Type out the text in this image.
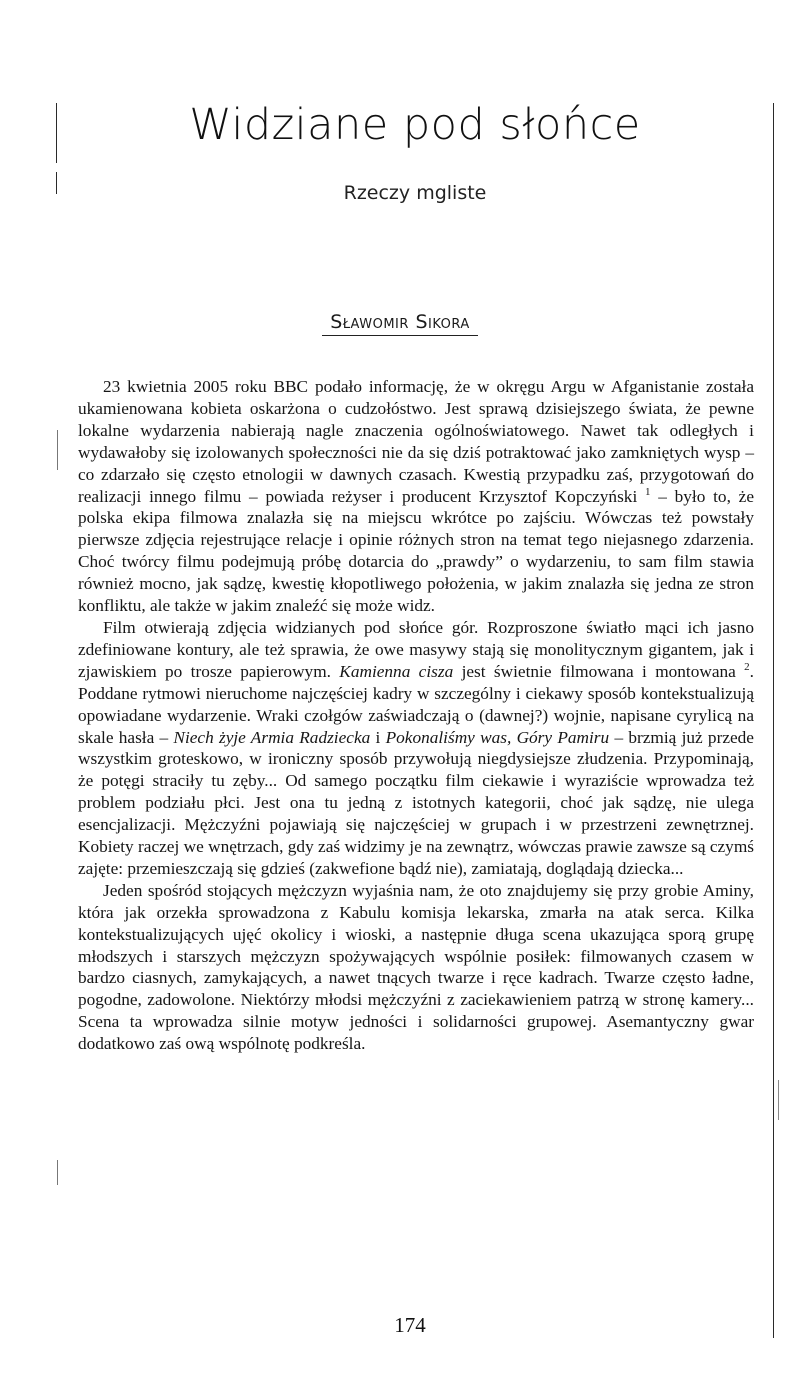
Widziane pod słońce
Rzeczy mgliste
Sławomir Sikora

23 kwietnia 2005 roku BBC podało informację, że w okręgu Argu w Afganistanie została ukamienowana kobieta oskarżona o cudzołóstwo. Jest sprawą dzisiejszego świata, że pewne lokalne wydarzenia nabierają nagle znaczenia ogólnoświatowego. Nawet tak odległych i wydawałoby się izolowanych społeczności nie da się dziś potraktować jako zamkniętych wysp – co zdarzało się często etnologii w dawnych czasach. Kwestią przypadku zaś, przygotowań do realizacji innego filmu – powiada reżyser i producent Krzysztof Kopczyński $^1$ – było to, że polska ekipa filmowa znalazła się na miejscu wkrótce po zajściu. Wówczas też powstały pierwsze zdjęcia rejestrujące relacje i opinie różnych stron na temat tego niejasnego zdarzenia. Choć twórcy filmu podejmują próbę dotarcia do „prawdy” o wydarzeniu, to sam film stawia również mocno, jak sądzę, kwestię kłopotliwego położenia, w jakim znalazła się jedna ze stron konfliktu, ale także w jakim znaleźć się może widz.

Film otwierają zdjęcia widzianych pod słońce gór. Rozproszone światło mąci ich jasno zdefiniowane kontury, ale też sprawia, że owe masywy stają się monolitycznym gigantem, jak i zjawiskiem po trosze papierowym. Kamienna cisza jest świetnie filmowana i montowana $^2$. Poddane rytmowi nieruchome najczęściej kadry w szczególny i ciekawy sposób kontekstualizują opowiadane wydarzenie. Wraki czołgów zaświadczają o (dawnej?) wojnie, napisane cyrylicą na skale hasła – Niech żyje Armia Radziecka i Pokonaliśmy was, Góry Pamiru – brzmią już przede wszystkim groteskowo, w ironiczny sposób przywołują niegdysiejsze złudzenia. Przypominają, że potęgi straciły tu zęby... Od samego początku film ciekawie i wyraziście wprowadza też problem podziału płci. Jest ona tu jedną z istotnych kategorii, choć jak sądzę, nie ulega esencjalizacji. Mężczyźni pojawiają się najczęściej w grupach i w przestrzeni zewnętrznej. Kobiety raczej we wnętrzach, gdy zaś widzimy je na zewnątrz, wówczas prawie zawsze są czymś zajęte: przemieszczają się gdzieś (zakwefione bądź nie), zamiatają, doglądają dziecka...

Jeden spośród stojących mężczyzn wyjaśnia nam, że oto znajdujemy się przy grobie Aminy, która jak orzekła sprowadzona z Kabulu komisja lekarska, zmarła na atak serca. Kilka kontekstualizujących ujęć okolicy i wioski, a następnie długa scena ukazująca sporą grupę młodszych i starszych mężczyzn spożywających wspólnie posiłek: filmowanych czasem w bardzo ciasnych, zamykających, a nawet tnących twarze i ręce kadrach. Twarze często ładne, pogodne, zadowolone. Niektórzy młodsi mężczyźni z zaciekawieniem patrzą w stronę kamery... Scena ta wprowadza silnie motyw jedności i solidarności grupowej. Asemantyczny gwar dodatkowo zaś ową wspólnotę podkreśla.

174
